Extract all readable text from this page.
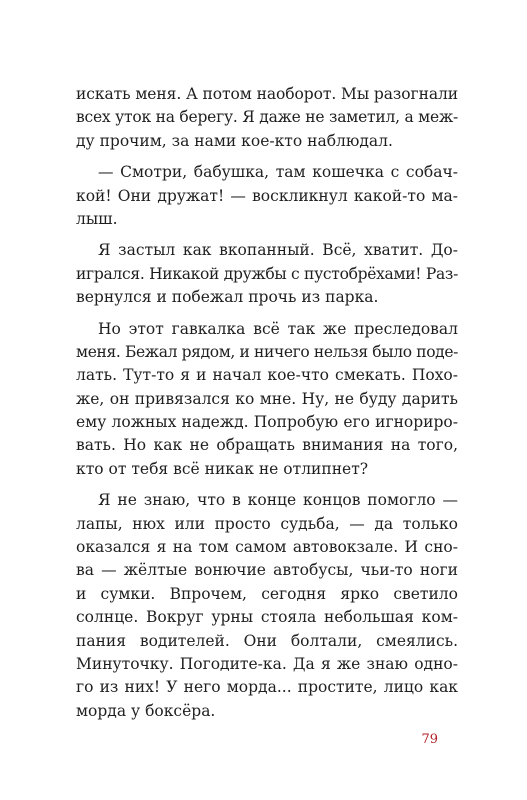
искать меня. А потом наоборот. Мы разогнали
всех уток на берегу. Я даже не заметил, а меж-
ду прочим, за нами кое-кто наблюдал.

— Смотри, бабушка, там кошечка с собач-
кой! Они дружат! — воскликнул какой-то ма-
лыш.

Я застыл как вкопанный. Всё, хватит. До-
игрался. Никакой дружбы с пустобрёхами! Раз-
вернулся и побежал прочь из парка.

Но этот гавкалка всё так же преследовал
меня. Бежал рядом, и ничего нельзя было поде-
лать. Тут-то я и начал кое-что смекать. Похо-
же, он привязался ко мне. Ну, не буду дарить
ему ложных надежд. Попробую его игнориро-
вать. Но как не обращать внимания на того,
кто от тебя всё никак не отлипнет?

Я не знаю, что в конце концов помогло —
лапы, нюх или просто судьба, — да только
оказался я на том самом автовокзале. И сно-
ва — жёлтые вонючие автобусы, чьи-то ноги
и сумки. Впрочем, сегодня ярко светило
солнце. Вокруг урны стояла небольшая ком-
пания водителей. Они болтали, смеялись.
Минуточку. Погодите-ка. Да я же знаю одно-
го из них! У него морда... простите, лицо как
морда у боксёра.

79
